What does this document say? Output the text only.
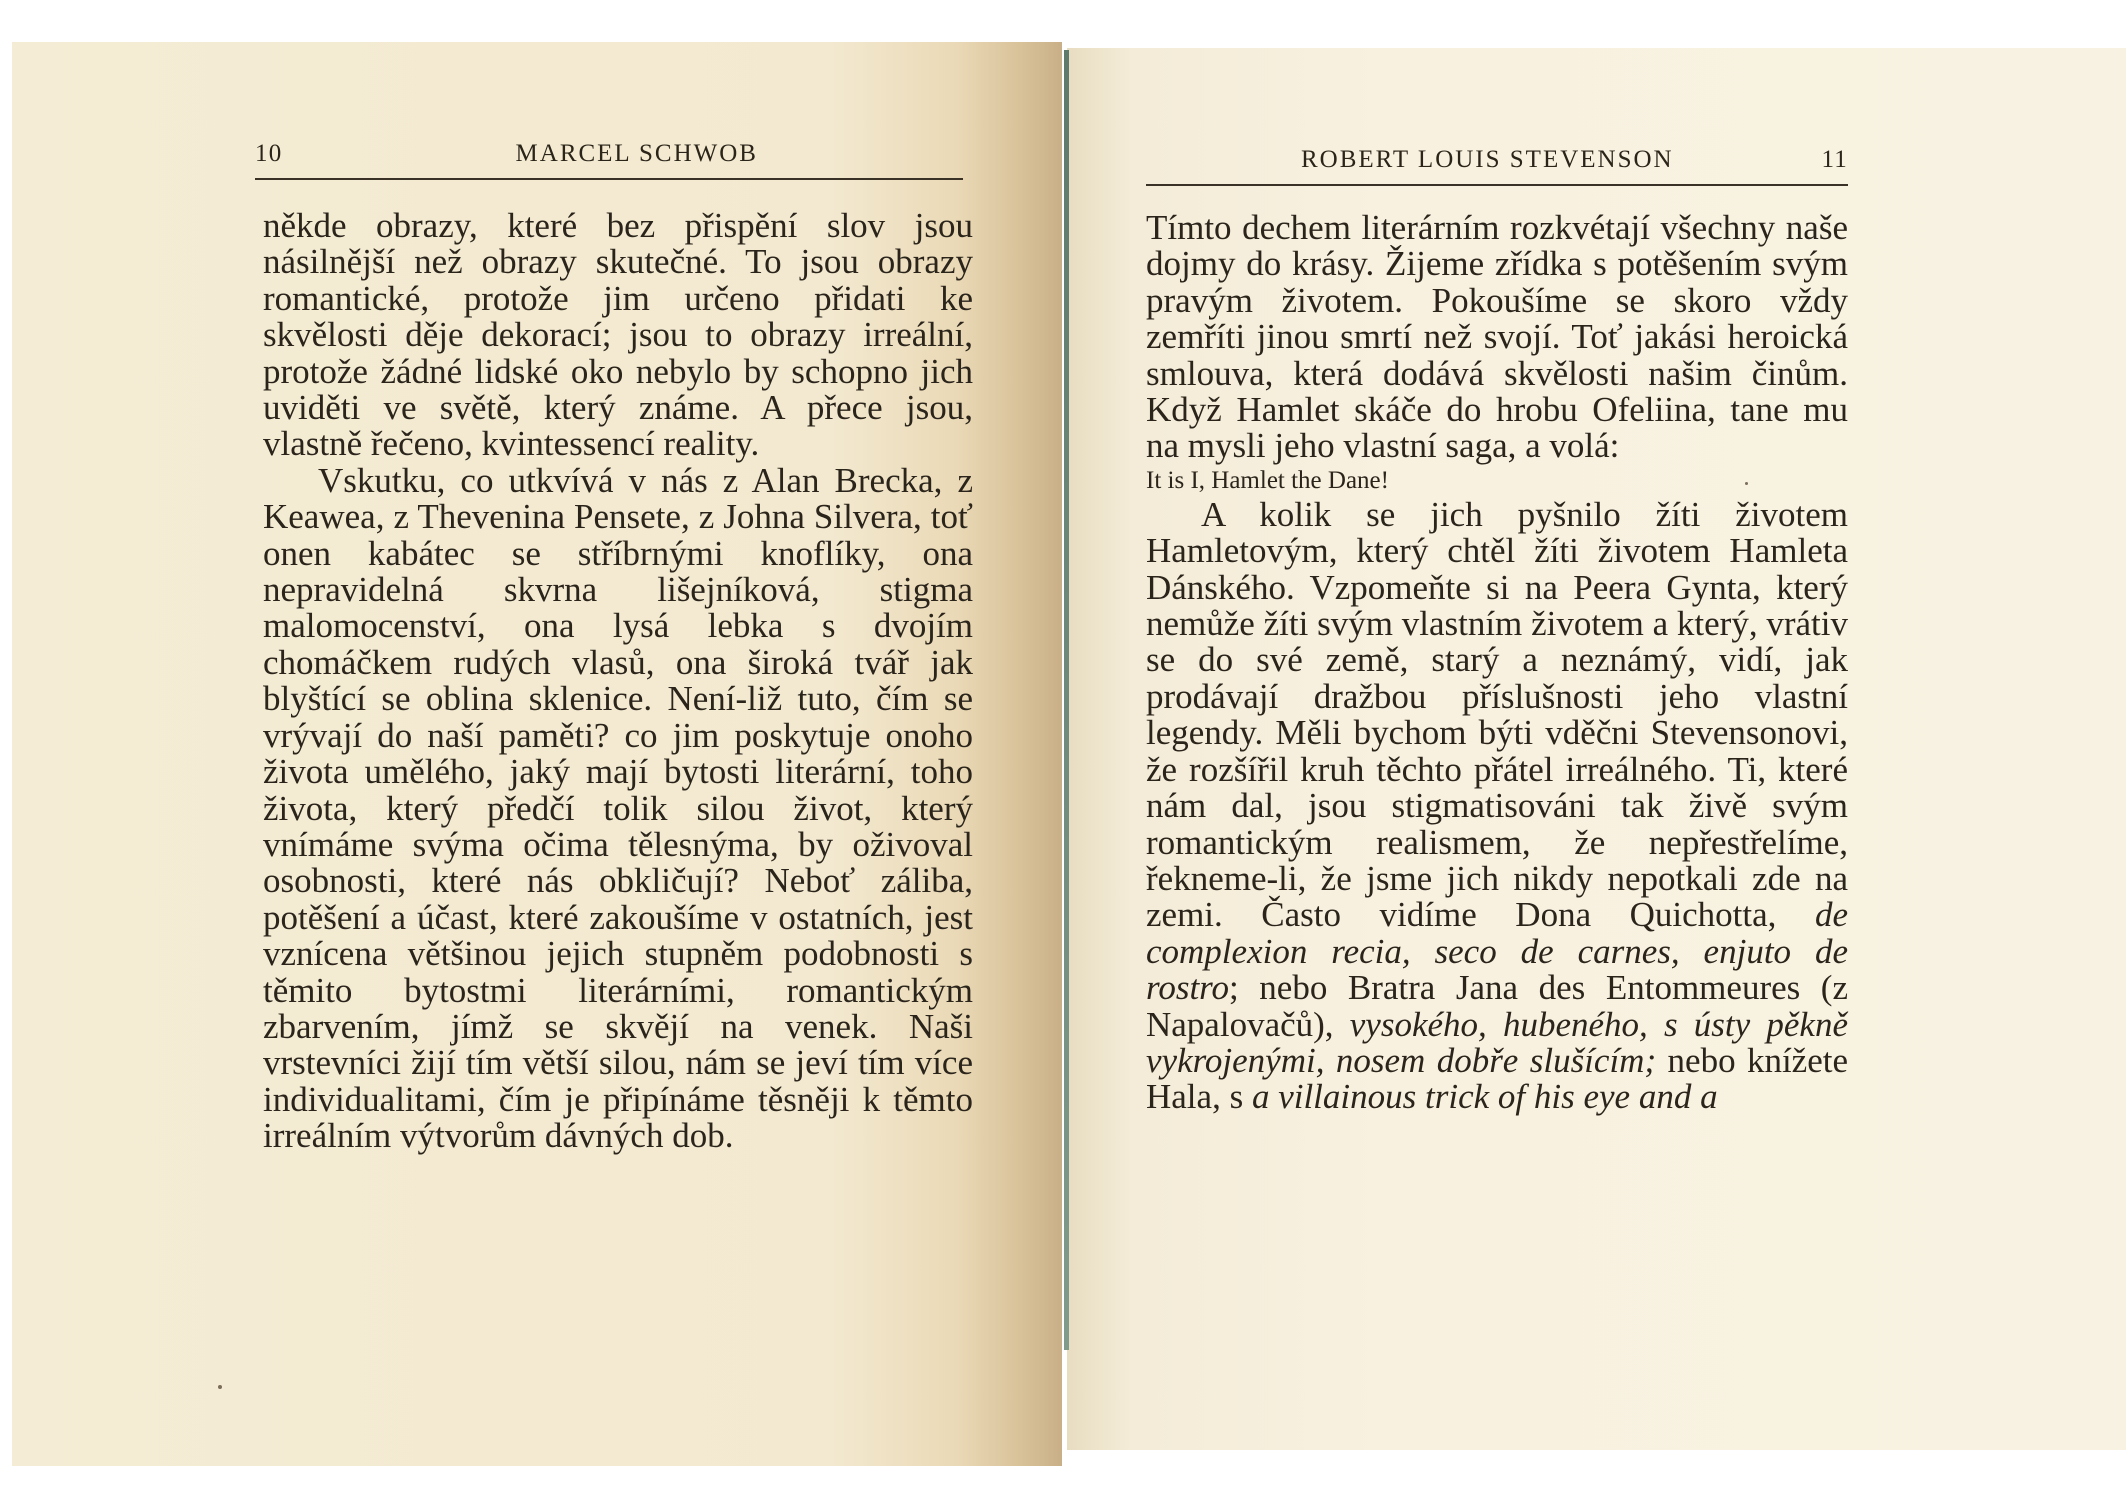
10	MARCEL SCHWOB

někde obrazy, které bez přispění slov jsou násilnější než obrazy skutečné. To jsou obrazy romantické, protože jim určeno přidati ke skvělosti děje dekorací; jsou to obrazy irreální, protože žádné lidské oko nebylo by schopno jich uviděti ve světě, který známe. A přece jsou, vlastně řečeno, kvintessencí reality.

Vskutku, co utkvívá v nás z Alan Brecka, z Keawea, z Thevenina Pensete, z Johna Silvera, toť onen kabátec se stříbrnými knoflíky, ona nepravidelná skvrna lišejníková, stigma malomocenství, ona lysá lebka s dvojím chomáčkem rudých vlasů, ona široká tvář jak blyštící se oblina sklenice. Není-liž tuto, čím se vrývají do naší paměti? co jim poskytuje onoho života umělého, jaký mají bytosti literární, toho života, který předčí tolik silou život, který vnímáme svýma očima tělesnýma, by oživoval osobnosti, které nás obkličují? Neboť záliba, potěšení a účast, které zakoušíme v ostatních, jest vznícena většinou jejich stupněm podobnosti s těmito bytostmi literárními, romantickým zbarvením, jímž se skvějí na venek. Naši vrstevníci žijí tím větší silou, nám se jeví tím více individualitami, čím je připínáme těsněji k těmto irreálním výtvorům dávných dob.

ROBERT LOUIS STEVENSON	11

Tímto dechem literárním rozkvétají všechny naše dojmy do krásy. Žijeme zřídka s potěšením svým pravým životem. Pokoušíme se skoro vždy zemříti jinou smrtí než svojí. Toť jakási heroická smlouva, která dodává skvělosti našim činům. Když Hamlet skáče do hrobu Ofeliina, tane mu na mysli jeho vlastní saga, a volá:

It is I, Hamlet the Dane!

A kolik se jich pyšnilo žíti životem Hamletovým, který chtěl žíti životem Hamleta Dánského. Vzpomeňte si na Peera Gynta, který nemůže žíti svým vlastním životem a který, vrátiv se do své země, starý a neznámý, vidí, jak prodávají dražbou příslušnosti jeho vlastní legendy. Měli bychom býti vděčni Stevensonovi, že rozšířil kruh těchto přátel irreálného. Ti, které nám dal, jsou stigmatisováni tak živě svým romantickým realismem, že nepřestřelíme, řekneme-li, že jsme jich nikdy nepotkali zde na zemi. Často vidíme Dona Quichotta, de complexion recia, seco de carnes, enjuto de rostro; nebo Bratra Jana des Entommeures (z Napalovačů), vysokého, hubeného, s ústy pěkně vykrojenými, nosem dobře slušícím; nebo knížete Hala, s a villainous trick of his eye and a
